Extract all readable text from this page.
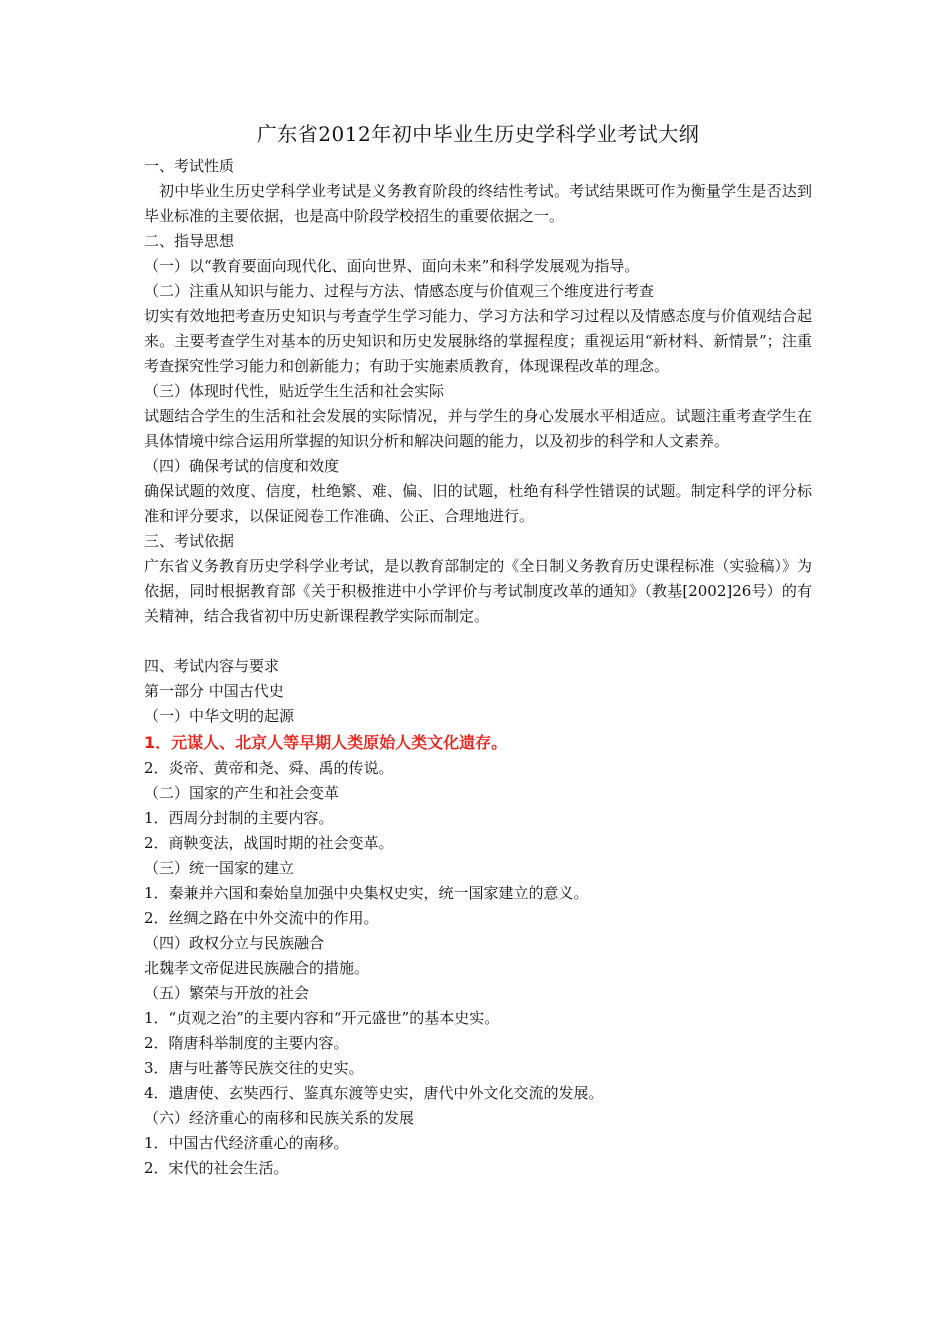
广东省2012年初中毕业生历史学科学业考试大纲

一、考试性质

初中毕业生历史学科学业考试是义务教育阶段的终结性考试。考试结果既可作为衡量学生是否达到毕业标准的主要依据，也是高中阶段学校招生的重要依据之一。

二、指导思想

（一）以“教育要面向现代化、面向世界、面向未来”和科学发展观为指导。

（二）注重从知识与能力、过程与方法、情感态度与价值观三个维度进行考查

切实有效地把考查历史知识与考查学生学习能力、学习方法和学习过程以及情感态度与价值观结合起来。主要考查学生对基本的历史知识和历史发展脉络的掌握程度；重视运用“新材料、新情景”；注重考查探究性学习能力和创新能力；有助于实施素质教育，体现课程改革的理念。

（三）体现时代性，贴近学生生活和社会实际

试题结合学生的生活和社会发展的实际情况，并与学生的身心发展水平相适应。试题注重考查学生在具体情境中综合运用所掌握的知识分析和解决问题的能力，以及初步的科学和人文素养。

（四）确保考试的信度和效度

确保试题的效度、信度，杜绝繁、难、偏、旧的试题，杜绝有科学性错误的试题。制定科学的评分标准和评分要求，以保证阅卷工作准确、公正、合理地进行。

三、考试依据

广东省义务教育历史学科学业考试，是以教育部制定的《全日制义务教育历史课程标准（实验稿）》为依据，同时根据教育部《关于积极推进中小学评价与考试制度改革的通知》（教基[2002]26号）的有关精神，结合我省初中历史新课程教学实际而制定。

四、考试内容与要求

第一部分 中国古代史

（一）中华文明的起源

1．元谋人、北京人等早期人类原始人类文化遗存。

2．炎帝、黄帝和尧、舜、禹的传说。

（二）国家的产生和社会变革

1．西周分封制的主要内容。

2．商鞅变法，战国时期的社会变革。

（三）统一国家的建立

1．秦兼并六国和秦始皇加强中央集权史实，统一国家建立的意义。

2．丝绸之路在中外交流中的作用。

（四）政权分立与民族融合

北魏孝文帝促进民族融合的措施。

（五）繁荣与开放的社会

1．“贞观之治”的主要内容和“开元盛世”的基本史实。

2．隋唐科举制度的主要内容。

3．唐与吐蕃等民族交往的史实。

4．遣唐使、玄奘西行、鉴真东渡等史实，唐代中外文化交流的发展。

（六）经济重心的南移和民族关系的发展

1．中国古代经济重心的南移。

2．宋代的社会生活。
